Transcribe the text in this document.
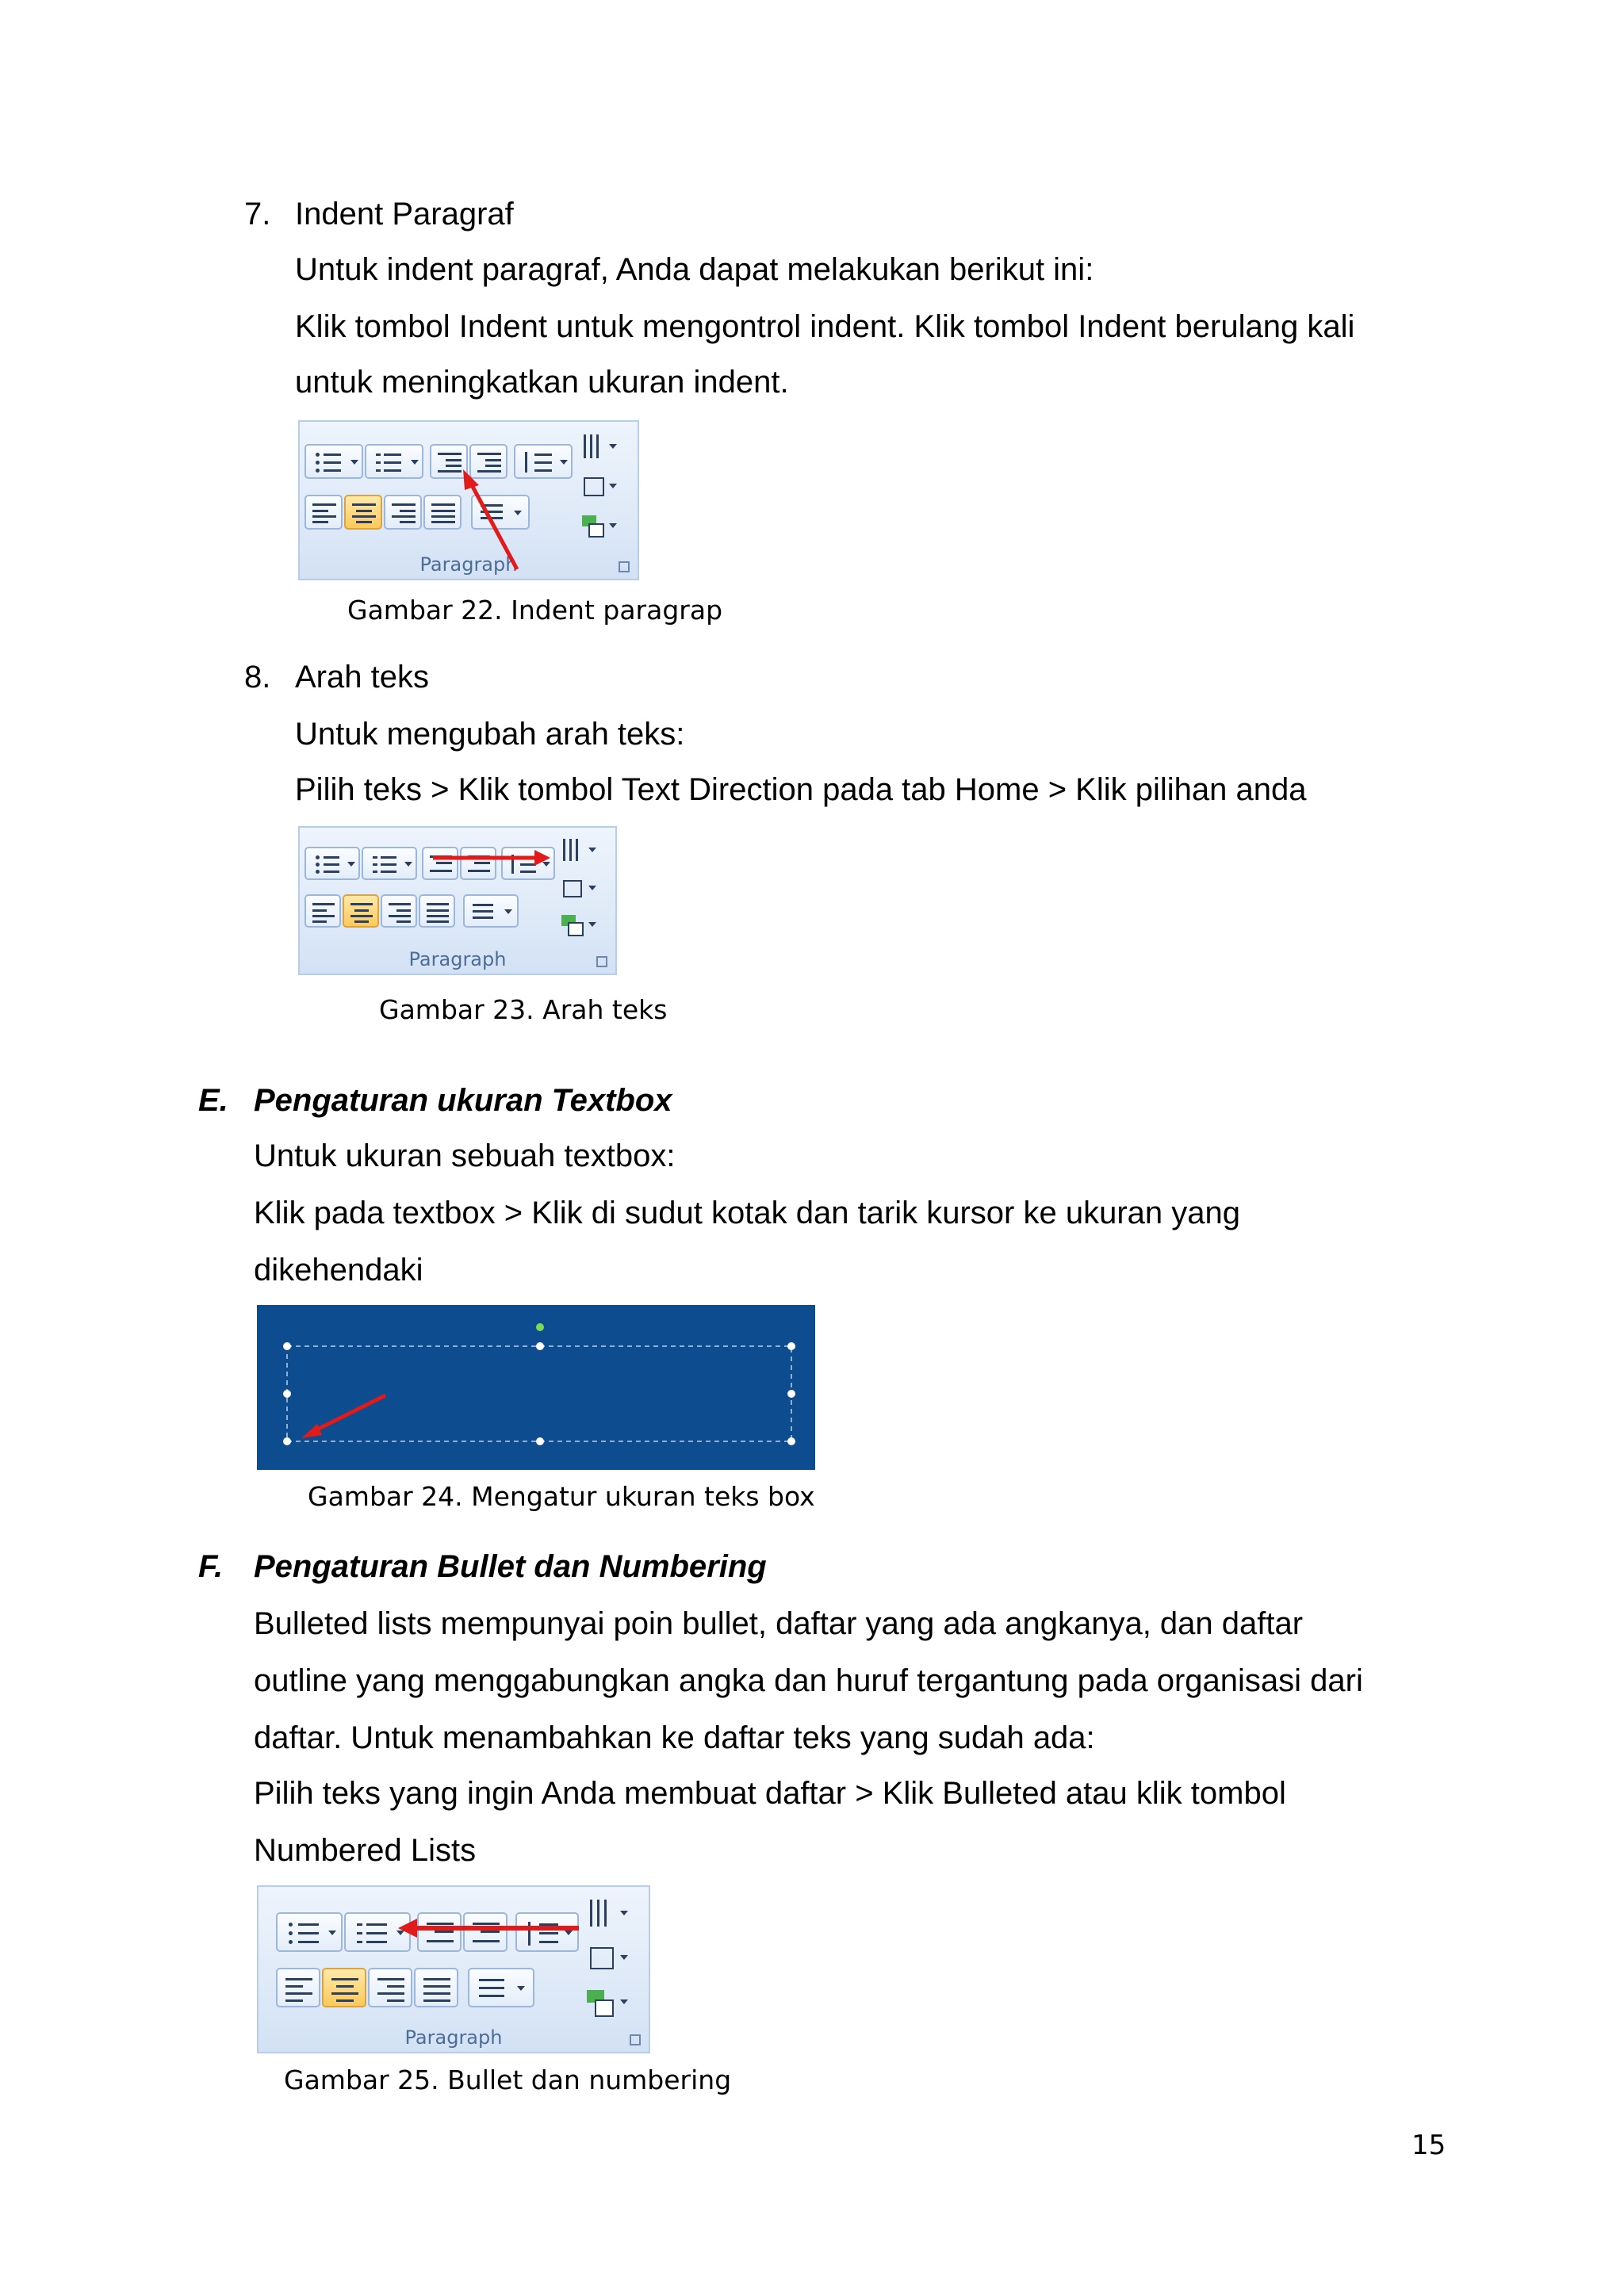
7. Indent Paragraf
Untuk indent paragraf, Anda dapat melakukan berikut ini:
Klik tombol Indent untuk mengontrol indent. Klik tombol Indent berulang kali
untuk meningkatkan ukuran indent.
Paragraph
Gambar 22. Indent paragrap
8. Arah teks
Untuk mengubah arah teks:
Pilih teks > Klik tombol Text Direction pada tab Home > Klik pilihan anda
Paragraph
Gambar 23. Arah teks
E. Pengaturan ukuran Textbox
Untuk ukuran sebuah textbox:
Klik pada textbox > Klik di sudut kotak dan tarik kursor ke ukuran yang
dikehendaki
Gambar 24. Mengatur ukuran teks box
F. Pengaturan Bullet dan Numbering
Bulleted lists mempunyai poin bullet, daftar yang ada angkanya, dan daftar
outline yang menggabungkan angka dan huruf tergantung pada organisasi dari
daftar. Untuk menambahkan ke daftar teks yang sudah ada:
Pilih teks yang ingin Anda membuat daftar > Klik Bulleted atau klik tombol
Numbered Lists
Paragraph
Gambar 25. Bullet dan numbering
15
